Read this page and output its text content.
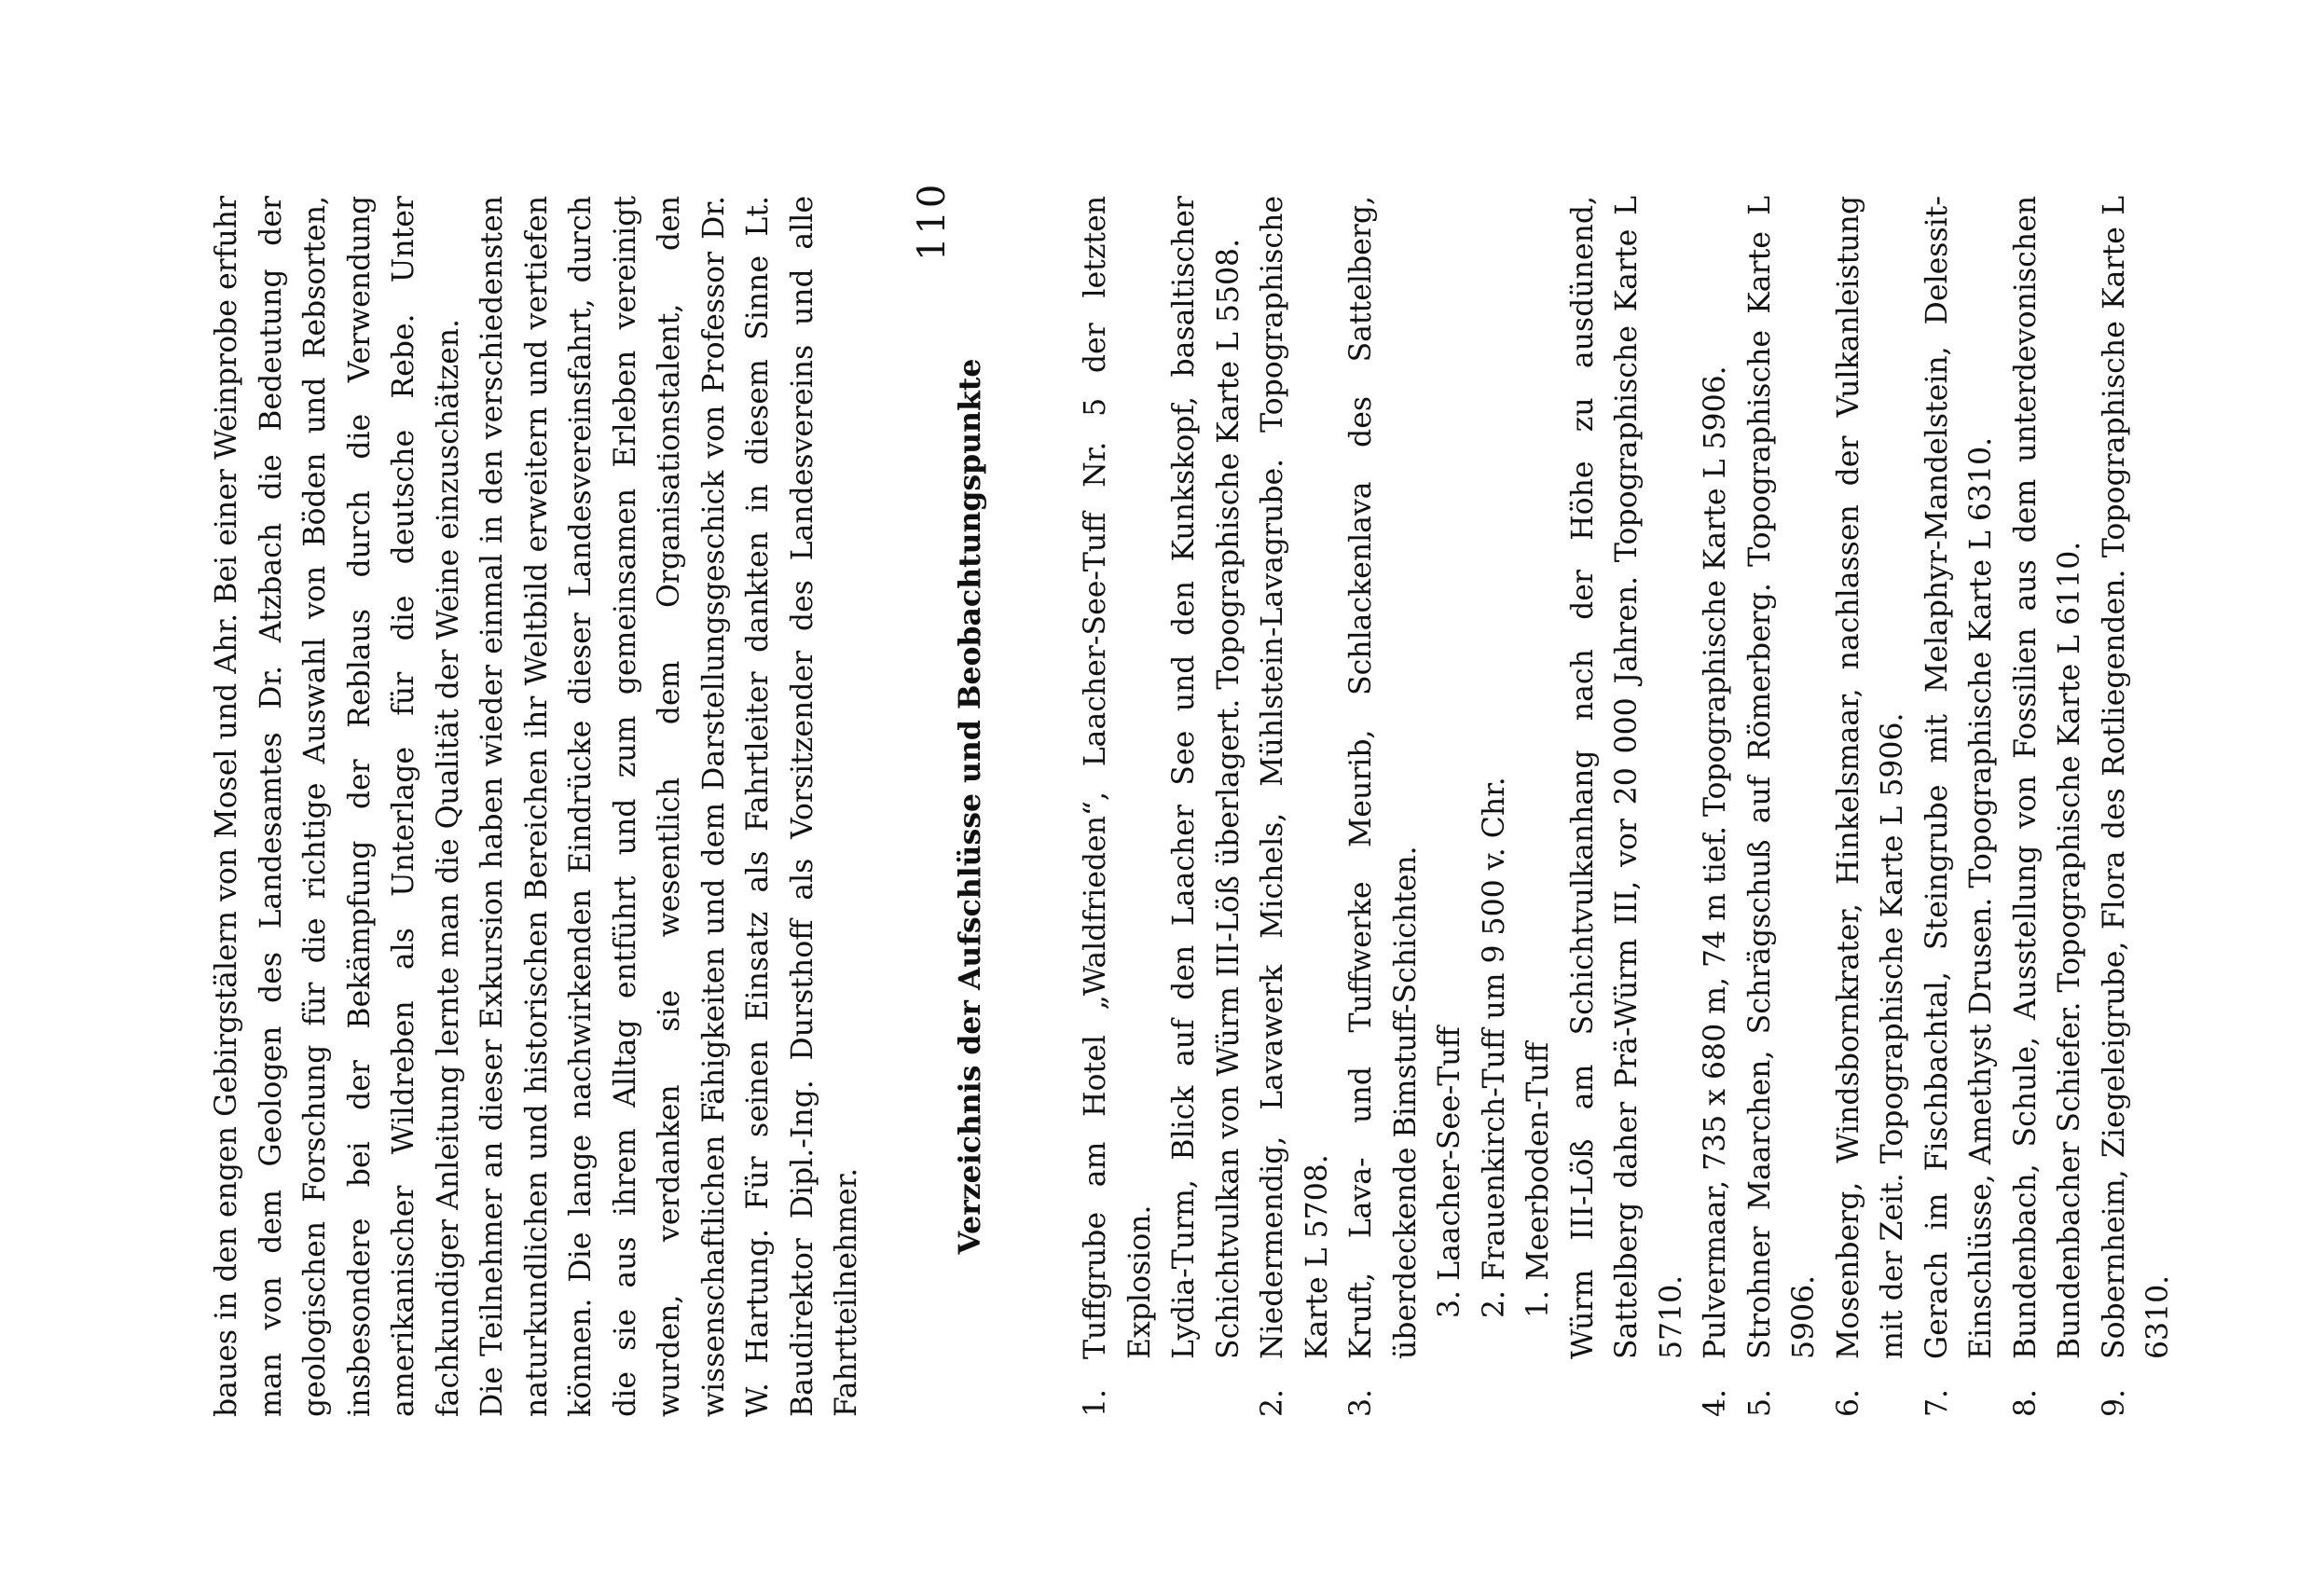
baues in den engen Gebirgstälern von Mosel und Ahr. Bei einer Weinprobe erfuhr man von dem Geologen des Landesamtes Dr. Atzbach die Bedeutung der geologischen Forschung für die richtige Auswahl von Böden und Rebsorten, insbesondere bei der Bekämpfung der Reblaus durch die Verwendung amerikanischer Wildreben als Unterlage für die deutsche Rebe. Unter fachkundiger Anleitung lernte man die Qualität der Weine einzuschätzen. Die Teilnehmer an dieser Exkursion haben wieder einmal in den verschiedensten naturkundlichen und historischen Bereichen ihr Weltbild erweitern und vertiefen können. Die lange nachwirkenden Eindrücke dieser Landesvereinsfahrt, durch die sie aus ihrem Alltag entführt und zum gemeinsamen Erleben vereinigt wurden, verdanken sie wesentlich dem Organisationstalent, den wissenschaftlichen Fähigkeiten und dem Darstellungsgeschick von Professor Dr. W. Hartung. Für seinen Einsatz als Fahrtleiter dankten in diesem Sinne Lt. Baudirektor Dipl.-Ing. Dursthoff als Vorsitzender des Landesvereins und alle Fahrtteilnehmer.

Verzeichnis der Aufschlüsse und Beobachtungspunkte
1.
Tuffgrube am Hotel „Waldfrieden“, Laacher-See-Tuff Nr. 5 der letzten Explosion. Lydia-Turm, Blick auf den Laacher See und den Kunkskopf, basaltischer Schichtvulkan von Würm III-Löß überlagert. Topographische Karte L 5508.
2.
Niedermendig, Lavawerk Michels, Mühlstein-Lavagrube. Topographische Karte L 5708.
3.
Kruft, Lava- und Tuffwerke Meurib, Schlackenlava des Sattelberg, überdeckende Bimstuff-Schichten. 3. Laacher-See-Tuff 2. Frauenkirch-Tuff um 9 500 v. Chr. 1. Meerboden-Tuff Würm III-Löß am Schichtvulkanhang nach der Höhe zu ausdünend, Sattelberg daher Prä-Würm III, vor 20 000 Jahren. Topographische Karte L 5710.
4.
Pulvermaar, 735 x 680 m, 74 m tief. Topographische Karte L 5906.
5.
Strohner Maarchen, Schrägschuß auf Römerberg. Topographische Karte L 5906.
6.
Mosenberg, Windsbornkrater, Hinkelsmaar, nachlassen der Vulkanleistung mit der Zeit. Topographische Karte L 5906.
7.
Gerach im Fischbachtal, Steingrube mit Melaphyr-Mandelstein, Delessit-Einschlüsse, Amethyst Drusen. Topographische Karte L 6310.
8.
Bundenbach, Schule, Ausstellung von Fossilien aus dem unterdevonischen Bundenbacher Schiefer. Topographische Karte L 6110.
9.
Sobernheim, Ziegeleigrube, Flora des Rotliegenden. Topographische Karte L 6310.
110
